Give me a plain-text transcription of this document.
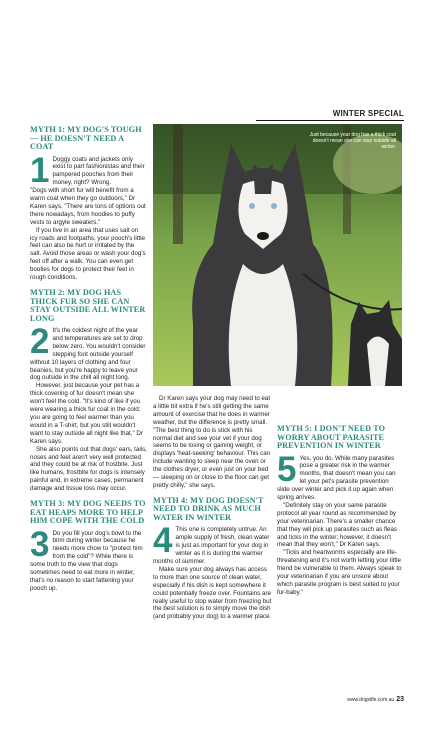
WINTER SPECIAL
Just because your dog has a thick coat doesn't mean she can stay outside all winter.
MYTH 1: MY DOG'S TOUGH — HE DOESN'T NEED A COAT
1 Doggy coats and jackets only exist to part fashionistas and their pampered pooches from their money, right? Wrong.

"Dogs with short fur will benefit from a warm coat when they go outdoors," Dr Karen says. "There are tons of options out there nowadays, from hoodies to puffy vests to argyle sweaters."

If you live in an area that uses salt on icy roads and footpaths, your pooch's little feet can also be hurt or irritated by the salt. Avoid those areas or wash your dog's feet off after a walk. You can even get booties for dogs to protect their feet in rough conditions.

MYTH 2: MY DOG HAS THICK FUR SO SHE CAN STAY OUTSIDE ALL WINTER LONG
2 It's the coldest night of the year and temperatures are set to drop below zero. You wouldn't consider stepping foot outside yourself without 10 layers of clothing and four beanies, but you're happy to leave your dog outside in the chill all night long.

However, just because your pet has a thick covering of fur doesn't mean she won't feel the cold. "It's kind of like if you were wearing a thick fur coat in the cold; you are going to feel warmer than you would in a T-shirt, but you still wouldn't want to stay outside all night like that," Dr Karen says.

She also points out that dogs' ears, tails, noses and feet aren't very well protected and they could be at risk of frostbite. Just like humans, frostbite for dogs is intensely painful and, in extreme cases, permanent damage and tissue loss may occur.

MYTH 3: MY DOG NEEDS TO EAT HEAPS MORE TO HELP HIM COPE WITH THE COLD
3 Do you fill your dog's bowl to the brim during winter because he needs more chow to "protect him from the cold"? While there is some truth to the view that dogs sometimes need to eat more in winter, that's no reason to start fattening your pooch up.

Dr Karen says your dog may need to eat a little bit extra if he's still getting the same amount of exercise that he does in warmer weather, but the difference is pretty small. "The best thing to do is stick with his normal diet and see your vet if your dog seems to be losing or gaining weight, or displays 'heat-seeking' behaviour. This can include wanting to sleep near the oven or the clothes dryer, or even just on your bed — sleeping on or close to the floor can get pretty chilly," she says.

MYTH 4: MY DOG DOESN'T NEED TO DRINK AS MUCH WATER IN WINTER
4 This one is completely untrue. An ample supply of fresh, clean water is just as important for your dog in winter as it is during the warmer months of summer.

Make sure your dog always has access to more than one source of clean water, especially if his dish is kept somewhere it could potentially freeze over. Fountains are really useful to stop water from freezing but the best solution is to simply move the dish (and probably your dog) to a warmer place.

MYTH 5: I DON'T NEED TO WORRY ABOUT PARASITE PREVENTION IN WINTER
5 Yes, you do. While many parasites pose a greater risk in the warmer months, that doesn't mean you can let your pet's parasite prevention slide over winter and pick it up again when spring arrives.

"Definitely stay on your same parasite protocol all year round as recommended by your veterinarian. There's a smaller chance that they will pick up parasites such as fleas and ticks in the winter; however, it doesn't mean that they won't," Dr Karen says.

"Ticks and heartworms especially are life-threatening and it's not worth letting your little friend be vulnerable to them. Always speak to your veterinarian if you are unsure about which parasite program is best suited to your fur-baby."

www.dogslife.com.au 23
